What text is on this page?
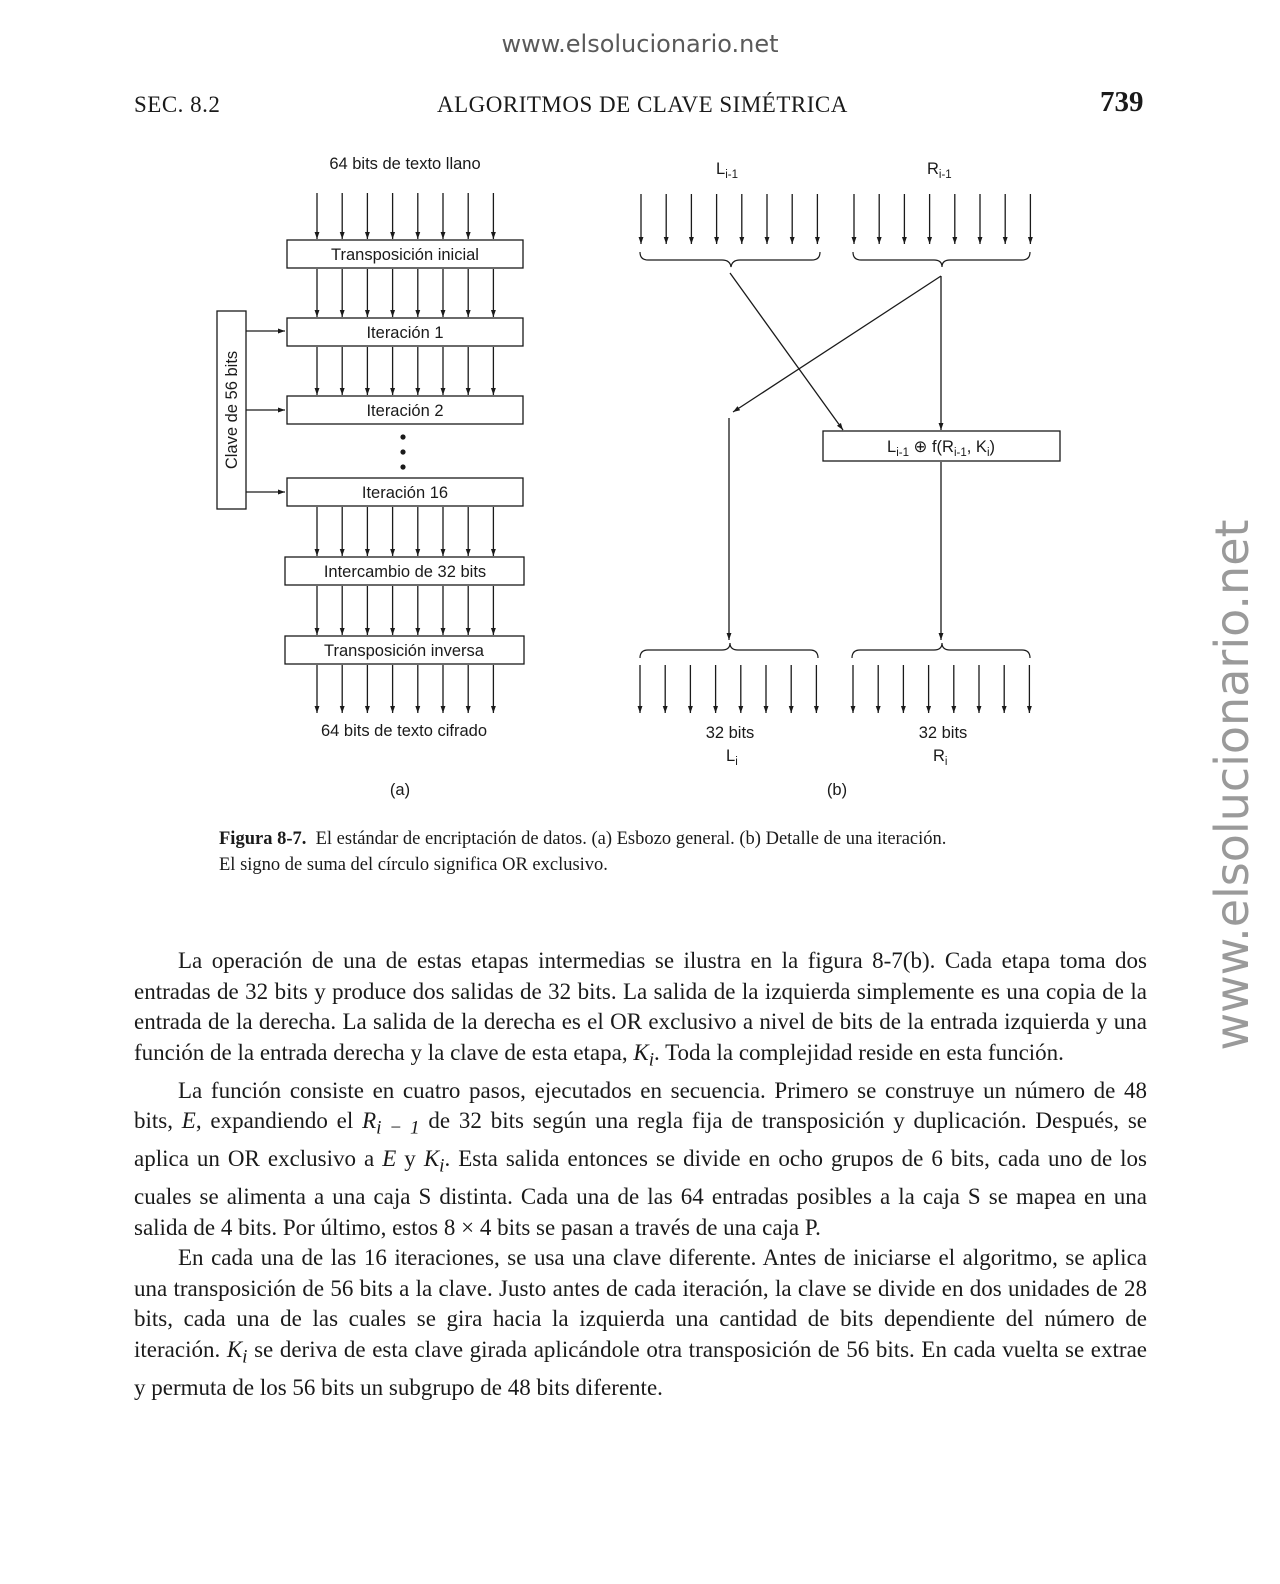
www.elsolucionario.net
www.elsolucionario.net
SEC. 8.2	ALGORITMOS DE CLAVE SIMÉTRICA	739
64 bits de texto llano
Transposición inicial
Iteración 1
Iteración 2
Iteración 16
Intercambio de 32 bits
Transposición inversa
Clave de 56 bits
64 bits de texto cifrado
(a)
$L_{i-1}$	$R_{i-1}$
$L_{i-1}$ ⊕ $f(R_{i-1}$, $K_i$)
32 bits
$L_i$
32 bits
$R_i$
(b)
Figura 8-7. El estándar de encriptación de datos. (a) Esbozo general. (b) Detalle de una iteración.
El signo de suma del círculo significa OR exclusivo.

La operación de una de estas etapas intermedias se ilustra en la figura 8-7(b). Cada etapa toma dos entradas de 32 bits y produce dos salidas de 32 bits. La salida de la izquierda simplemente es una copia de la entrada de la derecha. La salida de la derecha es el OR exclusivo a nivel de bits de la entrada izquierda y una función de la entrada derecha y la clave de esta etapa, $K_i$. Toda la complejidad reside en esta función.

La función consiste en cuatro pasos, ejecutados en secuencia. Primero se construye un número de 48 bits, E, expandiendo el $R_{i - 1}$ de 32 bits según una regla fija de transposición y duplicación. Después, se aplica un OR exclusivo a E y $K_i$. Esta salida entonces se divide en ocho grupos de 6 bits, cada uno de los cuales se alimenta a una caja S distinta. Cada una de las 64 entradas posibles a la caja S se mapea en una salida de 4 bits. Por último, estos 8 × 4 bits se pasan a través de una caja P.

En cada una de las 16 iteraciones, se usa una clave diferente. Antes de iniciarse el algoritmo, se aplica una transposición de 56 bits a la clave. Justo antes de cada iteración, la clave se divide en dos unidades de 28 bits, cada una de las cuales se gira hacia la izquierda una cantidad de bits dependiente del número de iteración. $K_i$ se deriva de esta clave girada aplicándole otra transposición de 56 bits. En cada vuelta se extrae y permuta de los 56 bits un subgrupo de 48 bits diferente.
